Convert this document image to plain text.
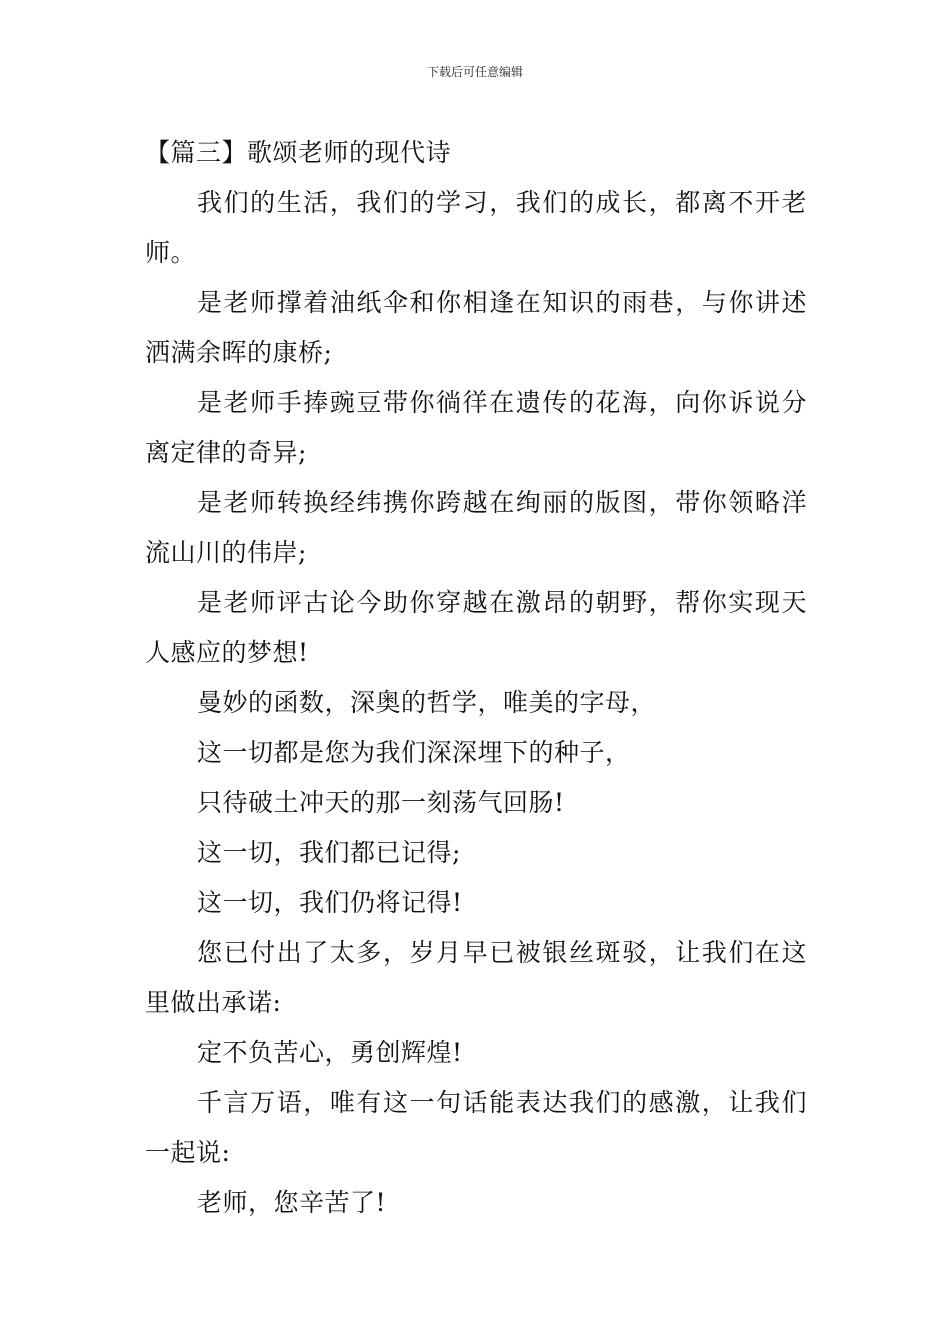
下载后可任意编辑

【篇三】歌颂老师的现代诗

我们的生活，我们的学习，我们的成长，都离不开老师。

是老师撑着油纸伞和你相逢在知识的雨巷，与你讲述洒满余晖的康桥;

是老师手捧豌豆带你徜徉在遗传的花海，向你诉说分离定律的奇异;

是老师转换经纬携你跨越在绚丽的版图，带你领略洋流山川的伟岸;

是老师评古论今助你穿越在激昂的朝野，帮你实现天人感应的梦想!

曼妙的函数，深奥的哲学，唯美的字母，

这一切都是您为我们深深埋下的种子，

只待破土冲天的那一刻荡气回肠!

这一切，我们都已记得;

这一切，我们仍将记得!

您已付出了太多，岁月早已被银丝斑驳，让我们在这里做出承诺:

定不负苦心，勇创辉煌!

千言万语，唯有这一句话能表达我们的感激，让我们一起说:

老师，您辛苦了!
